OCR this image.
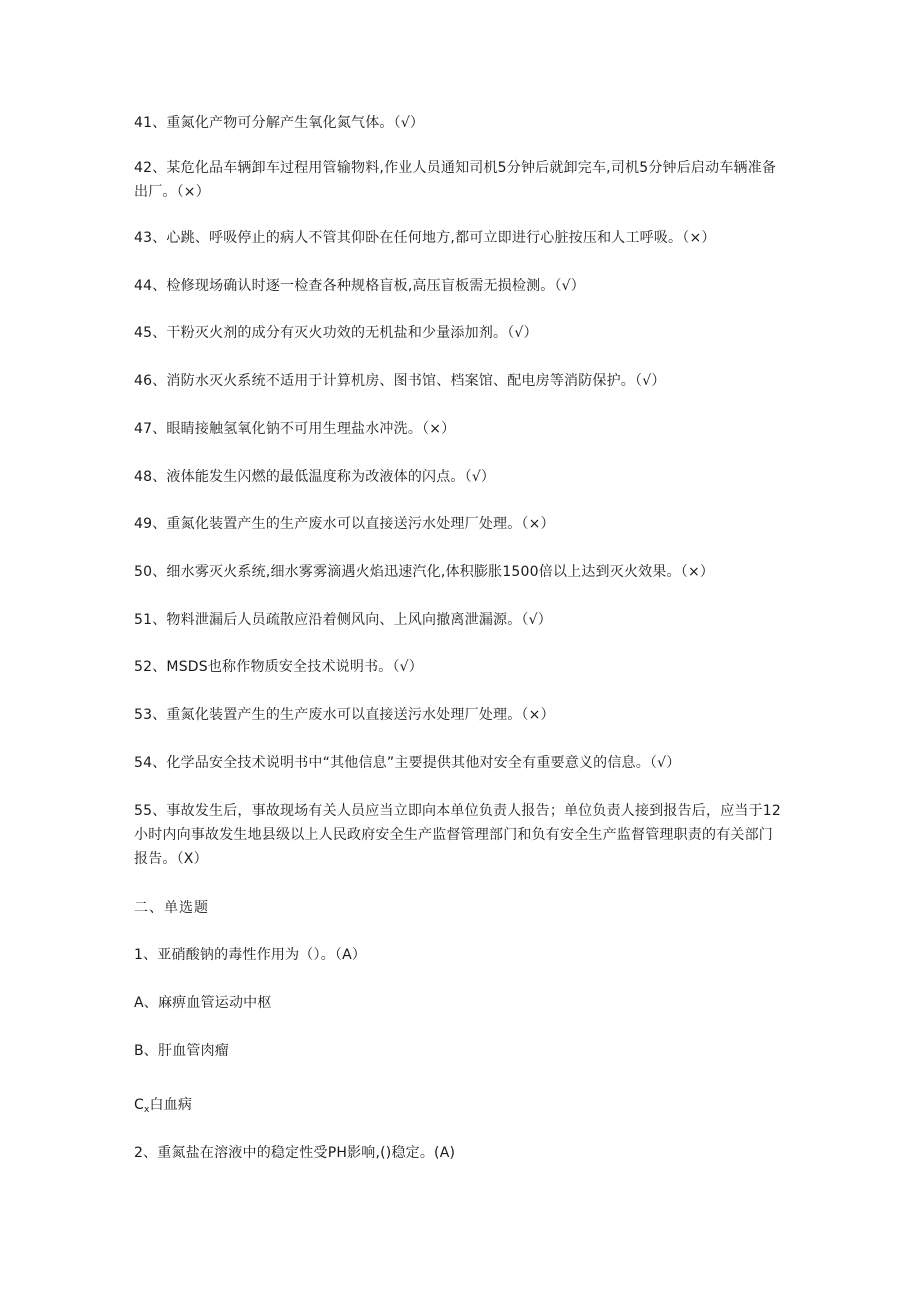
41、重氮化产物可分解产生氧化氮气体。（√）
42、某危化品车辆卸车过程用管输物料,作业人员通知司机5分钟后就卸完车,司机5分钟后启动车辆准备出厂。（×）
43、心跳、呼吸停止的病人不管其仰卧在任何地方,都可立即进行心脏按压和人工呼吸。（×）
44、检修现场确认时逐一检查各种规格盲板,高压盲板需无损检测。（√）
45、干粉灭火剂的成分有灭火功效的无机盐和少量添加剂。（√）
46、消防水灭火系统不适用于计算机房、图书馆、档案馆、配电房等消防保护。（√）
47、眼睛接触氢氧化钠不可用生理盐水冲洗。（×）
48、液体能发生闪燃的最低温度称为改液体的闪点。（√）
49、重氮化装置产生的生产废水可以直接送污水处理厂处理。（×）
50、细水雾灭火系统,细水雾雾滴遇火焰迅速汽化,体积膨胀1500倍以上达到灭火效果。（×）
51、物料泄漏后人员疏散应沿着侧风向、上风向撤离泄漏源。（√）
52、MSDS也称作物质安全技术说明书。（√）
53、重氮化装置产生的生产废水可以直接送污水处理厂处理。（×）
54、化学品安全技术说明书中“其他信息”主要提供其他对安全有重要意义的信息。（√）
55、事故发生后，事故现场有关人员应当立即向本单位负责人报告；单位负责人接到报告后，应当于12小时内向事故发生地县级以上人民政府安全生产监督管理部门和负有安全生产监督管理职责的有关部门报告。（X）
二、单选题
1、亚硝酸钠的毒性作用为（）。（A）
A、麻痹血管运动中枢
B、肝血管肉瘤
$C_x$白血病
2、重氮盐在溶液中的稳定性受PH影响,()稳定。(A)
